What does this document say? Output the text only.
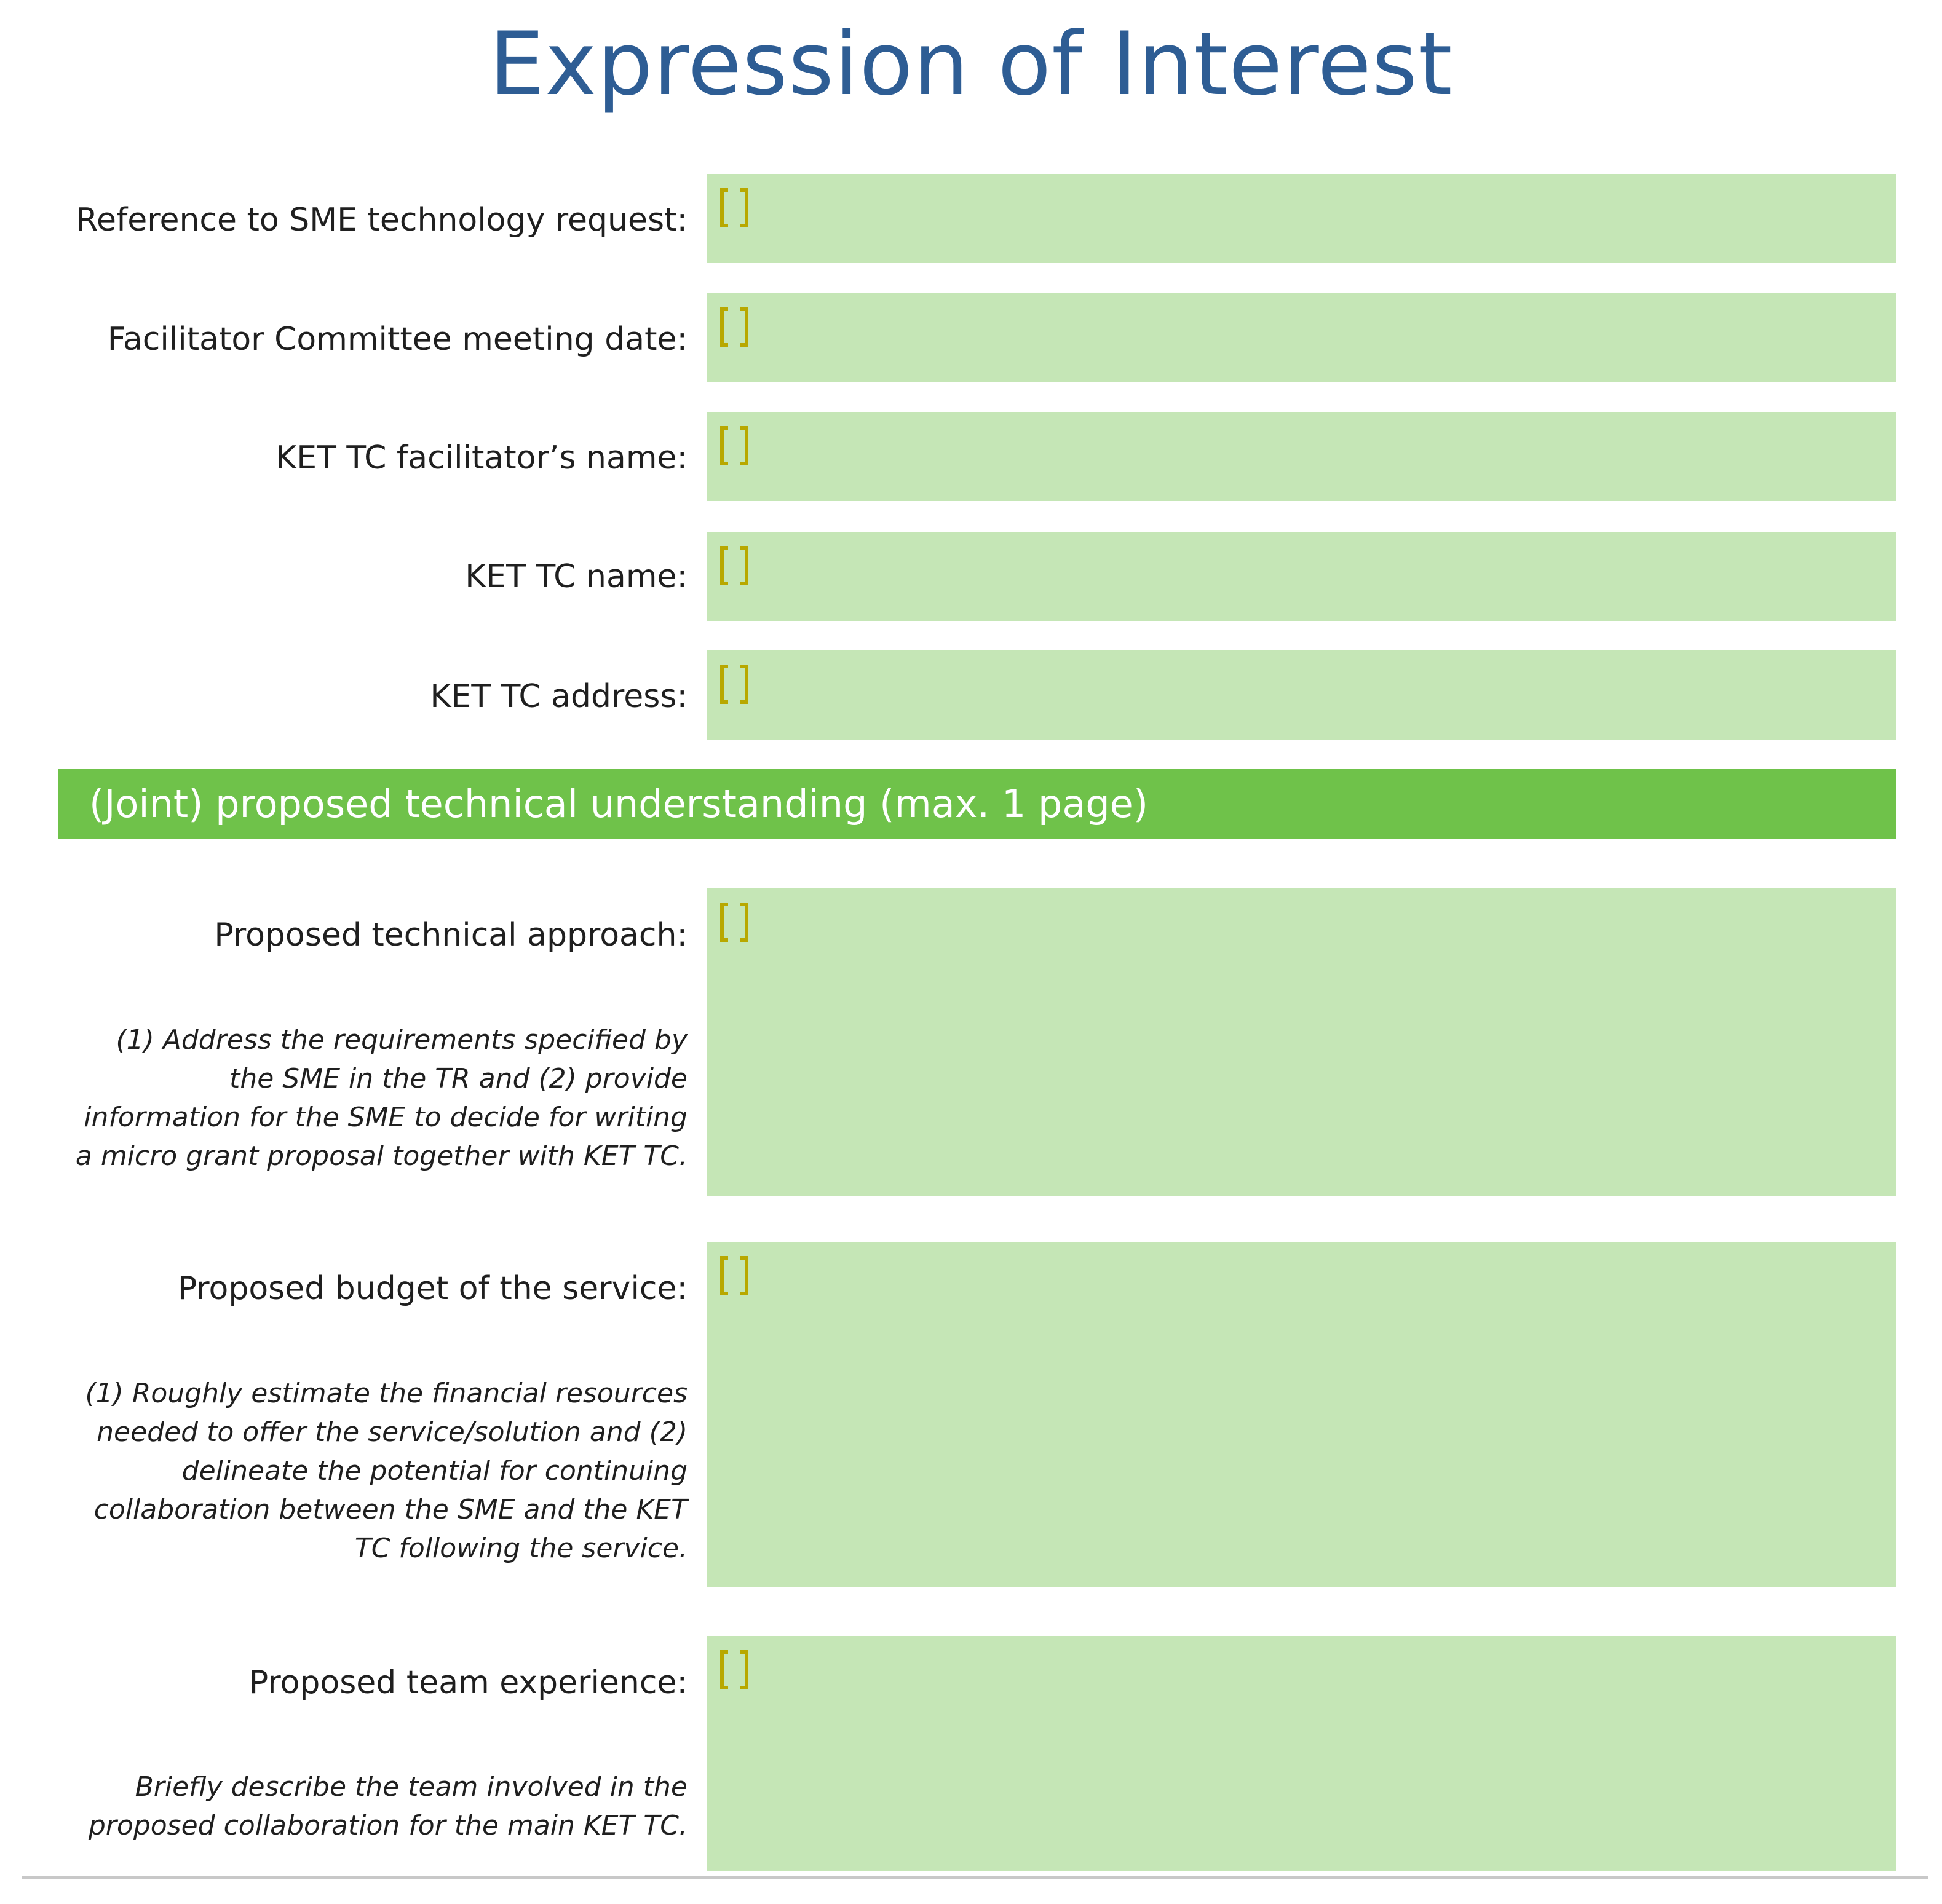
Expression of Interest
Reference to SME technology request:
Facilitator Committee meeting date:
KET TC facilitator’s name:
KET TC name:
KET TC address:
(Joint) proposed technical understanding (max. 1 page)
Proposed technical approach:
(1) Address the requirements specified by the SME in the TR and (2) provide information for the SME to decide for writing a micro grant proposal together with KET TC.
Proposed budget of the service:
(1) Roughly estimate the financial resources needed to offer the service/solution and (2) delineate the potential for continuing collaboration between the SME and the KET TC following the service.
Proposed team experience:
Briefly describe the team involved in the proposed collaboration for the main KET TC.
